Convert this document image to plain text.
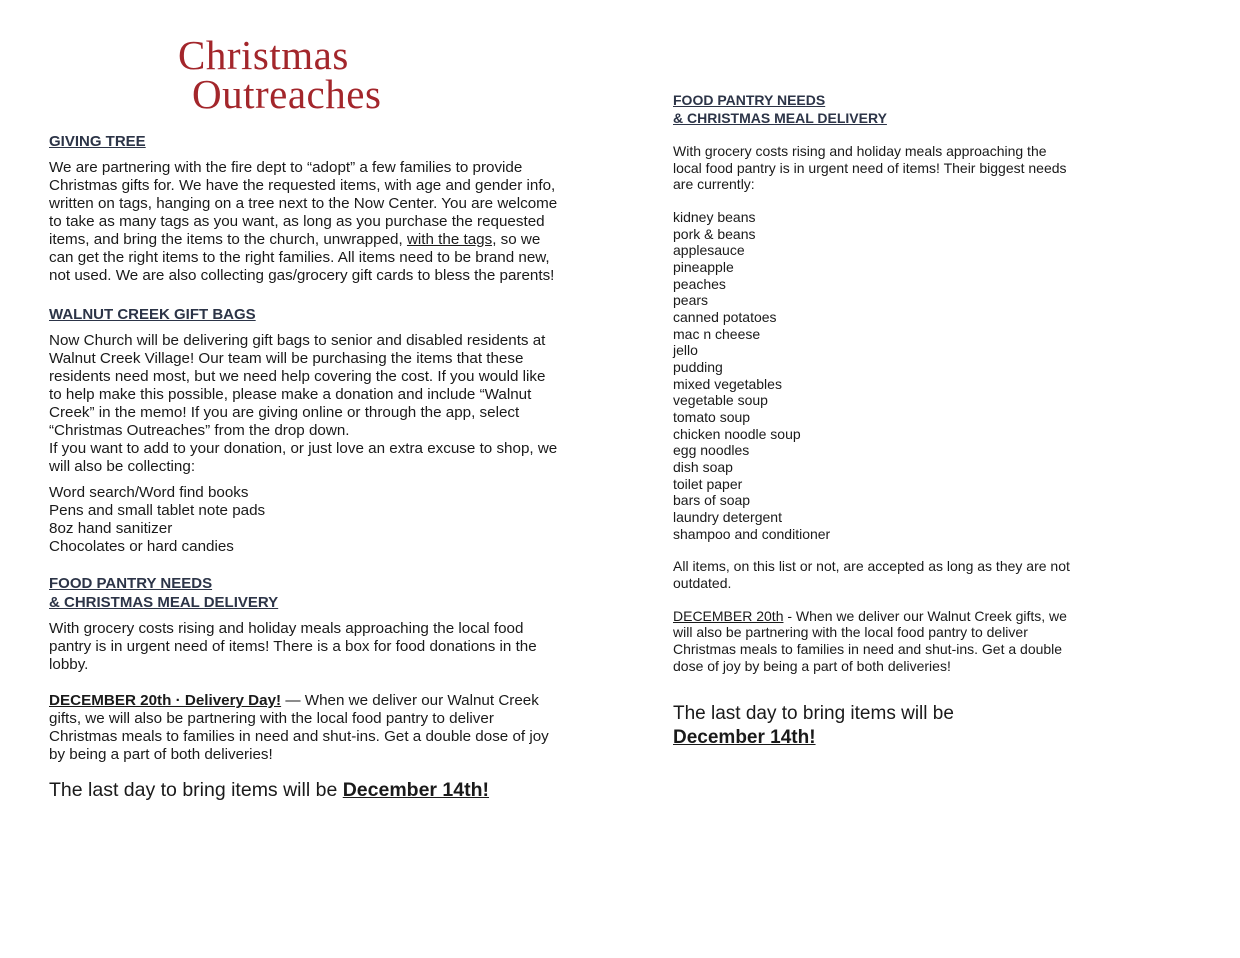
Christmas
Outreaches

GIVING TREE

We are partnering with the fire dept to “adopt” a few families to provide Christmas gifts for. We have the requested items, with age and gender info, written on tags, hanging on a tree next to the Now Center. You are welcome to take as many tags as you want, as long as you purchase the requested items, and bring the items to the church, unwrapped, with the tags, so we can get the right items to the right families. All items need to be brand new, not used. We are also collecting gas/grocery gift cards to bless the parents!

WALNUT CREEK GIFT BAGS

Now Church will be delivering gift bags to senior and disabled residents at Walnut Creek Village! Our team will be purchasing the items that these residents need most, but we need help covering the cost. If you would like to help make this possible, please make a donation and include “Walnut Creek” in the memo! If you are giving online or through the app, select “Christmas Outreaches” from the drop down.

If you want to add to your donation, or just love an extra excuse to shop, we will also be collecting:

Word search/Word find books
Pens and small tablet note pads
8oz hand sanitizer
Chocolates or hard candies

FOOD PANTRY NEEDS

& CHRISTMAS MEAL DELIVERY

With grocery costs rising and holiday meals approaching the local food pantry is in urgent need of items! There is a box for food donations in the lobby.

DECEMBER 20th · Delivery Day! — When we deliver our Walnut Creek gifts, we will also be partnering with the local food pantry to deliver Christmas meals to families in need and shut-ins. Get a double dose of joy by being a part of both deliveries!

The last day to bring items will be December 14th!

FOOD PANTRY NEEDS

& CHRISTMAS MEAL DELIVERY

With grocery costs rising and holiday meals approaching the local food pantry is in urgent need of items! Their biggest needs are currently:

kidney beans
pork & beans
applesauce
pineapple
peaches
pears
canned potatoes
mac n cheese
jello
pudding
mixed vegetables
vegetable soup
tomato soup
chicken noodle soup
egg noodles
dish soap
toilet paper
bars of soap
laundry detergent
shampoo and conditioner

All items, on this list or not, are accepted as long as they are not outdated.

DECEMBER 20th - When we deliver our Walnut Creek gifts, we will also be partnering with the local food pantry to deliver Christmas meals to families in need and shut-ins. Get a double dose of joy by being a part of both deliveries!

The last day to bring items will be

December 14th!
